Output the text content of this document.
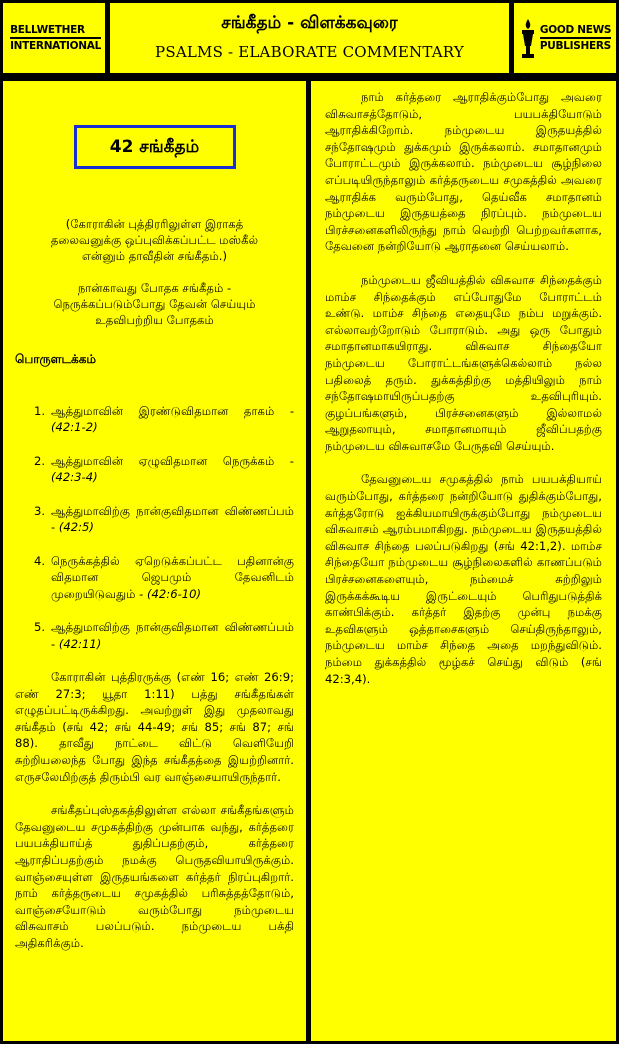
BELLWETHER
INTERNATIONAL
சங்கீதம் - விளக்கவுரை
PSALMS - ELABORATE COMMENTARY
GOOD NEWS
PUBLISHERS
42 சங்கீதம்
(கோராகின் புத்திரரிலுள்ள இராகத் தலைவனுக்கு ஒப்புவிக்கப்பட்ட மஸ்கீல் என்னும் தாவீதின் சங்கீதம்.)
நான்காவது போதக சங்கீதம் - நெருக்கப்படும்போது தேவன் செய்யும் உதவிபற்றிய போதகம்
பொருளடக்கம்
1. ஆத்துமாவின் இரண்டுவிதமான தாகம் - (42:1-2)
2. ஆத்துமாவின் ஏழுவிதமான நெருக்கம் - (42:3-4)
3. ஆத்துமாவிற்கு நான்குவிதமான விண்ணப்பம் - (42:5)
4. நெருக்கத்தில் ஏறெடுக்கப்பட்ட பதினான்கு விதமான ஜெபமும் தேவனிடம் முறையிடுவதும் - (42:6-10)
5. ஆத்துமாவிற்கு நான்குவிதமான விண்ணப்பம் - (42:11)

கோராகின் புத்திரருக்கு (எண் 16; எண் 26:9; எண் 27:3; யூதா 1:11) பத்து சங்கீதங்கள் எழுதப்பட்டிருக்கிறது. அவற்றுள் இது முதலாவது சங்கீதம் (சங் 42; சங் 44-49; சங் 85; சங் 87; சங் 88). தாவீது நாட்டை விட்டு வெளியேறி சுற்றியலைந்த போது இந்த சங்கீதத்தை இயற்றினார். எருசலேமிற்குத் திரும்பி வர வாஞ்சையாயிருந்தார்.

சங்கீதப்புஸ்தகத்திலுள்ள எல்லா சங்கீதங்களும் தேவனுடைய சமுகத்திற்கு முன்பாக வந்து, கர்த்தரை பயபக்தியாய்த் துதிப்பதற்கும், கர்த்தரை ஆராதிப்பதற்கும் நமக்கு பெருதவியாயிருக்கும். வாஞ்சையுள்ள இருதயங்களை கர்த்தர் நிரப்புகிறார். நாம் கர்த்தருடைய சமுகத்தில் பரிசுத்தத்தோடும், வாஞ்சையோடும் வரும்போது நம்முடைய விசுவாசம் பலப்படும். நம்முடைய பக்தி அதிகரிக்கும்.

நாம் கர்த்தரை ஆராதிக்கும்போது அவரை விசுவாசத்தோடும், பயபக்தியோடும் ஆராதிக்கிறோம். நம்முடைய இருதயத்தில் சந்தோஷமும் துக்கமும் இருக்கலாம். சமாதானமும் போராட்டமும் இருக்கலாம். நம்முடைய சூழ்நிலை எப்படியிருந்தாலும் கர்த்தருடைய சமுகத்தில் அவரை ஆராதிக்க வரும்போது, தெய்வீக சமாதானம் நம்முடைய இருதயத்தை நிரப்பும். நம்முடைய பிரச்சனைகளிலிருந்து நாம் வெற்றி பெற்றவர்களாக, தேவனை நன்றியோடு ஆராதனை செய்யலாம்.

நம்முடைய ஜீவியத்தில் விசுவாச சிந்தைக்கும் மாம்ச சிந்தைக்கும் எப்போதுமே போராட்டம் உண்டு. மாம்ச சிந்தை எதையுமே நம்ப மறுக்கும். எல்லாவற்றோடும் போராடும். அது ஒரு போதும் சமாதானமாகயிராது. விசுவாச சிந்தையோ நம்முடைய போராட்டங்களுக்கெல்லாம் நல்ல பதிலைத் தரும். துக்கத்திற்கு மத்தியிலும் நாம் சந்தோஷமாயிருப்பதற்கு உதவிபுரியும். குழப்பங்களும், பிரச்சனைகளும் இல்லாமல் ஆறுதலாயும், சமாதானமாயும் ஜீவிப்பதற்கு நம்முடைய விசுவாசமே பேருதவி செய்யும்.

தேவனுடைய சமுகத்தில் நாம் பயபக்தியாய் வரும்போது, கர்த்தரை நன்றியோடு துதிக்கும்போது, கர்த்தரோடு ஐக்கியமாயிருக்கும்போது நம்முடைய விசுவாசம் ஆரம்பமாகிறது. நம்முடைய இருதயத்தில் விசுவாச சிந்தை பலப்படுகிறது (சங் 42:1,2). மாம்ச சிந்தையோ நம்முடைய சூழ்நிலைகளில் காணப்படும் பிரச்சனைகளையும், நம்மைச் சுற்றிலும் இருக்கக்கூடிய இருட்டையும் பெரிதுபடுத்திக் காண்பிக்கும். கர்த்தர் இதற்கு முன்பு நமக்கு உதவிகளும் ஒத்தாசைகளும் செய்திருந்தாலும், நம்முடைய மாம்ச சிந்தை அதை மறந்துவிடும். நம்மை துக்கத்தில் மூழ்கச் செய்து விடும் (சங் 42:3,4).
